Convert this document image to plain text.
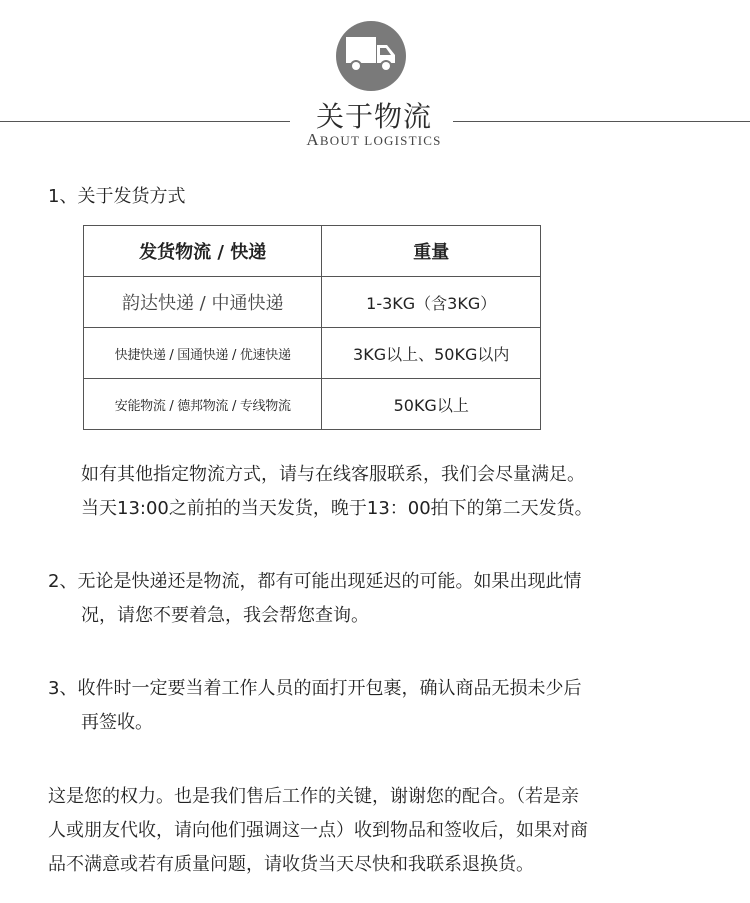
关于物流
ABOUT LOGISTICS
1、关于发货方式
发货物流 / 快递	重量
韵达快递 / 中通快递	1-3KG（含3KG）
快捷快递 / 国通快递 / 优速快递	3KG以上、50KG以内
安能物流 / 德邦物流 / 专线物流	50KG以上
如有其他指定物流方式，请与在线客服联系，我们会尽量满足。
当天13:00之前拍的当天发货，晚于13：00拍下的第二天发货。
2、无论是快递还是物流，都有可能出现延迟的可能。如果出现此情
况，请您不要着急，我会帮您查询。
3、收件时一定要当着工作人员的面打开包裹，确认商品无损未少后
再签收。
这是您的权力。也是我们售后工作的关键，谢谢您的配合。（若是亲
人或朋友代收，请向他们强调这一点）收到物品和签收后，如果对商
品不满意或若有质量问题，请收货当天尽快和我联系退换货。
